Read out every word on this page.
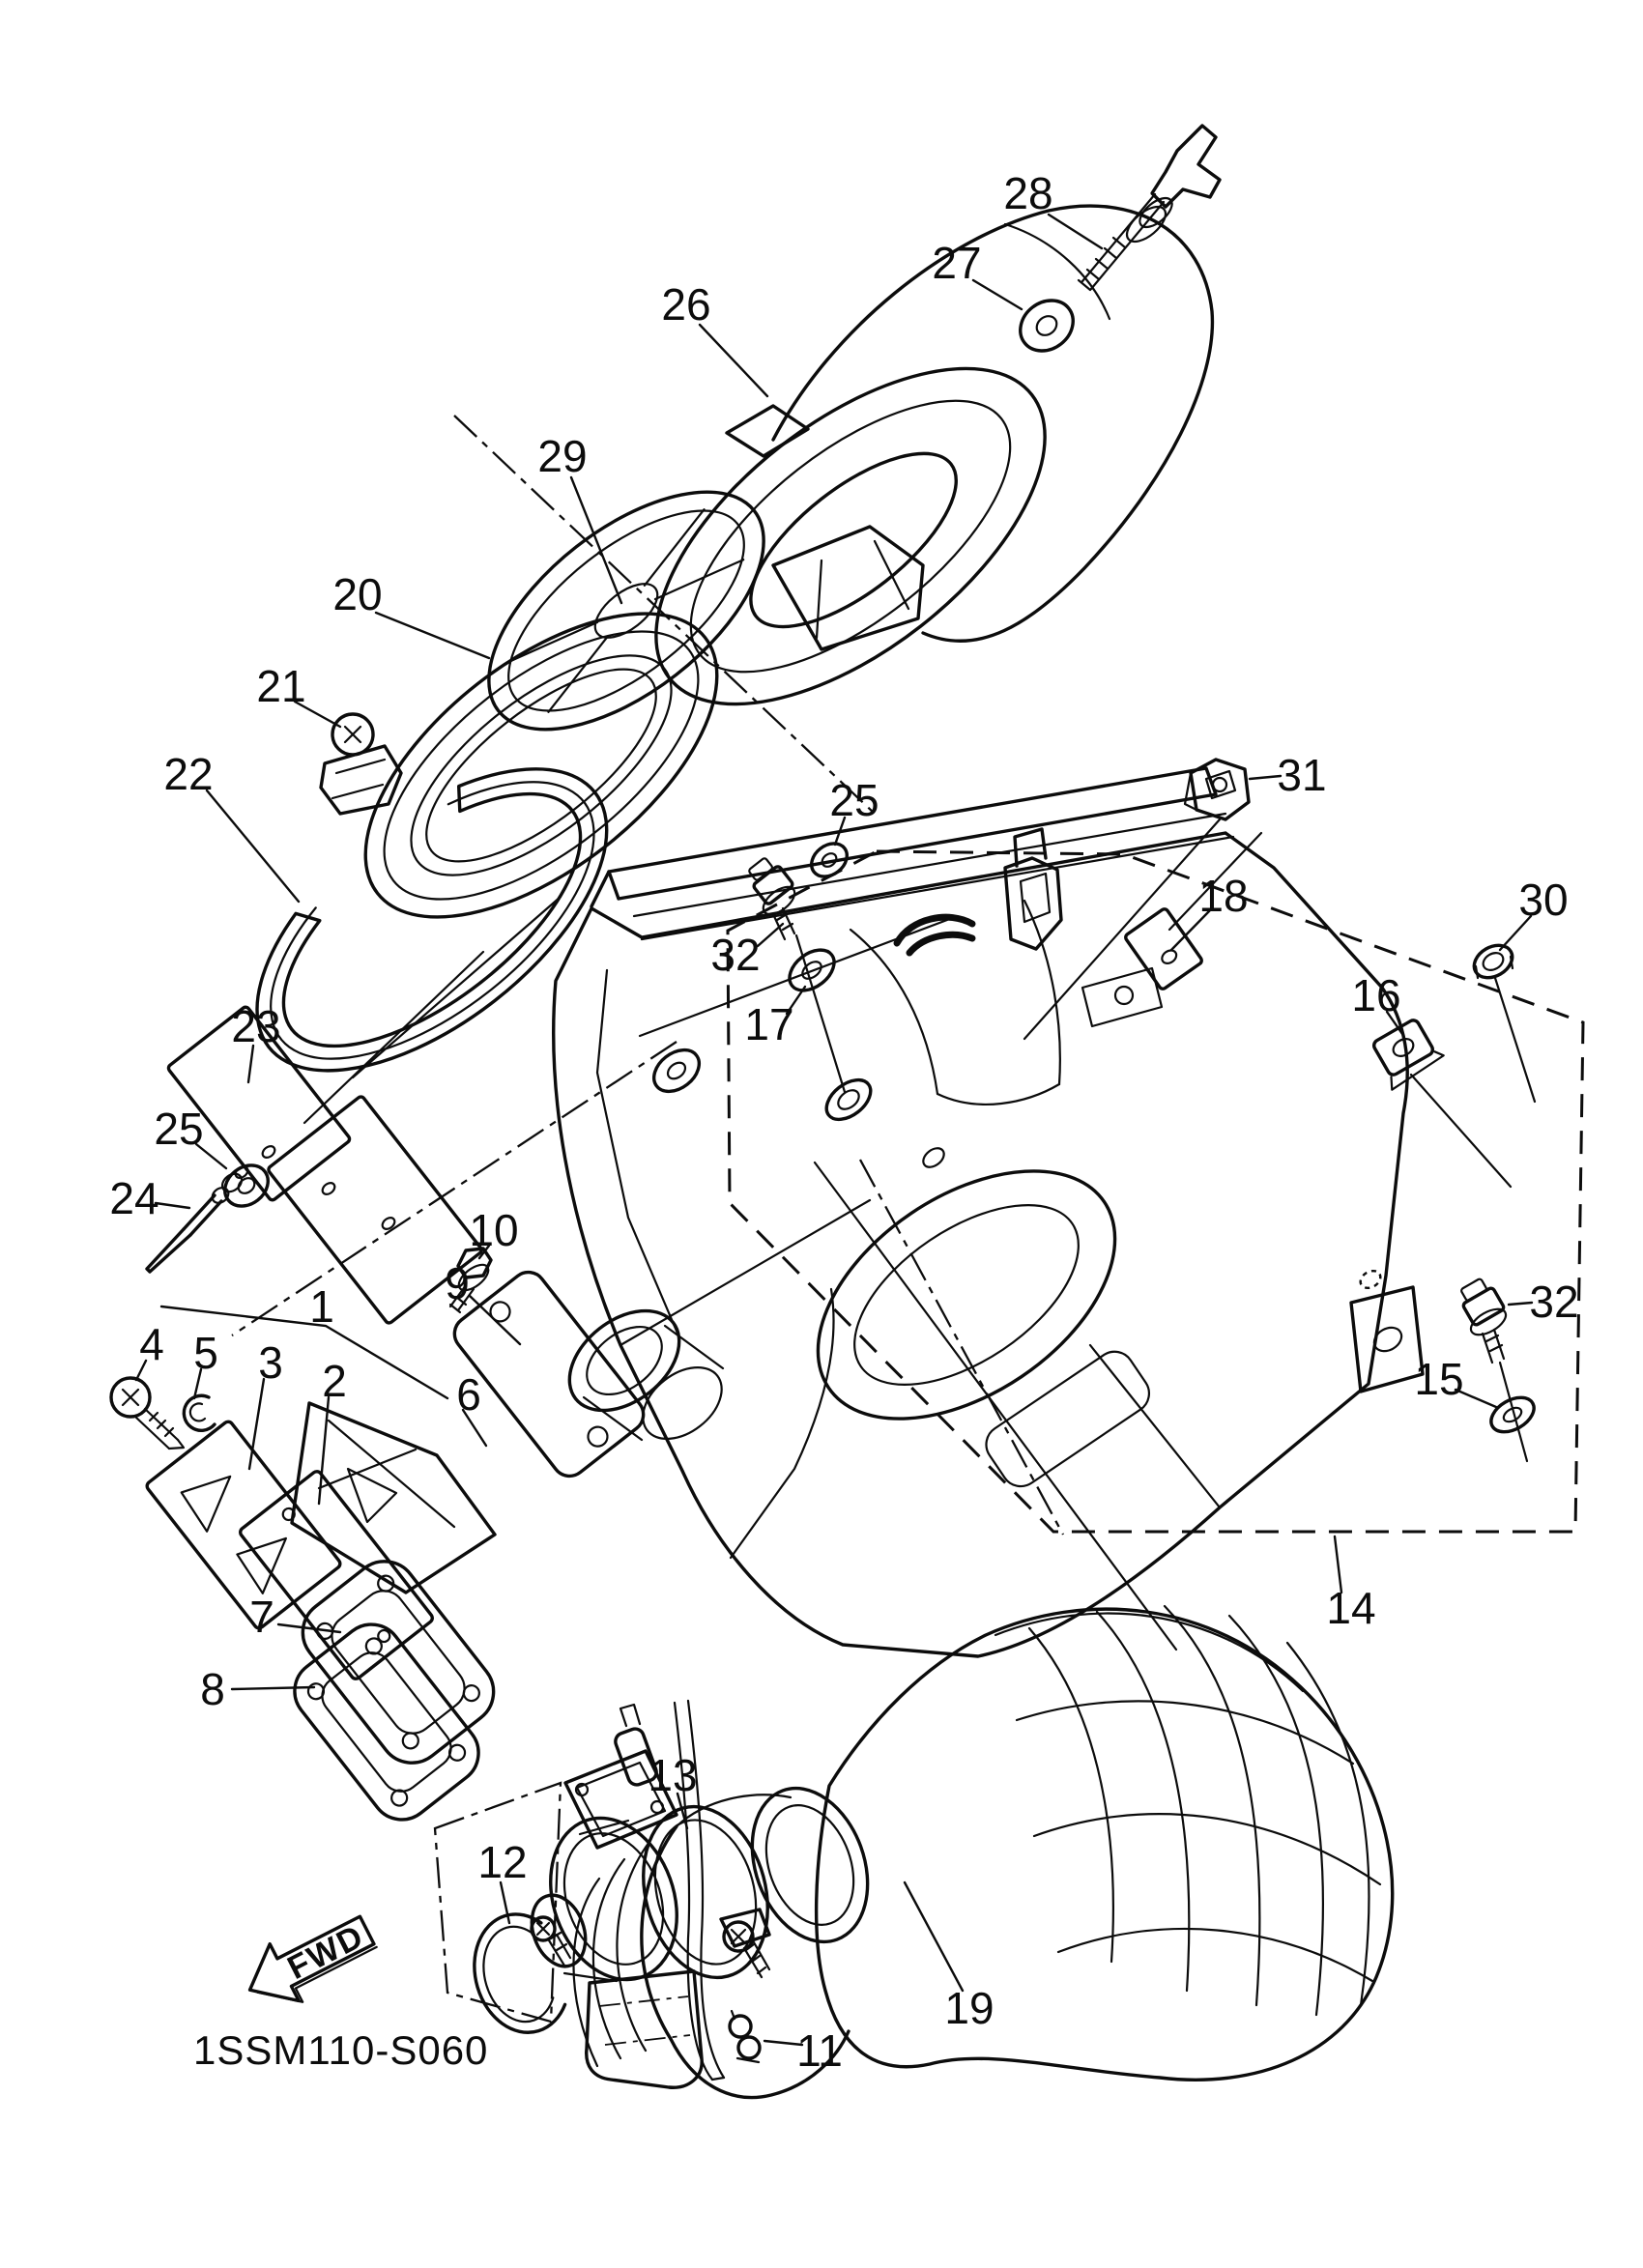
FWD
1SSM110-S060
28
27
26
29
20
21
22
25	31
18	30
16
32
17
23
25
24
10
9
1
4 5 3 2 6
7
8
12
13
11
19
14
15
32
